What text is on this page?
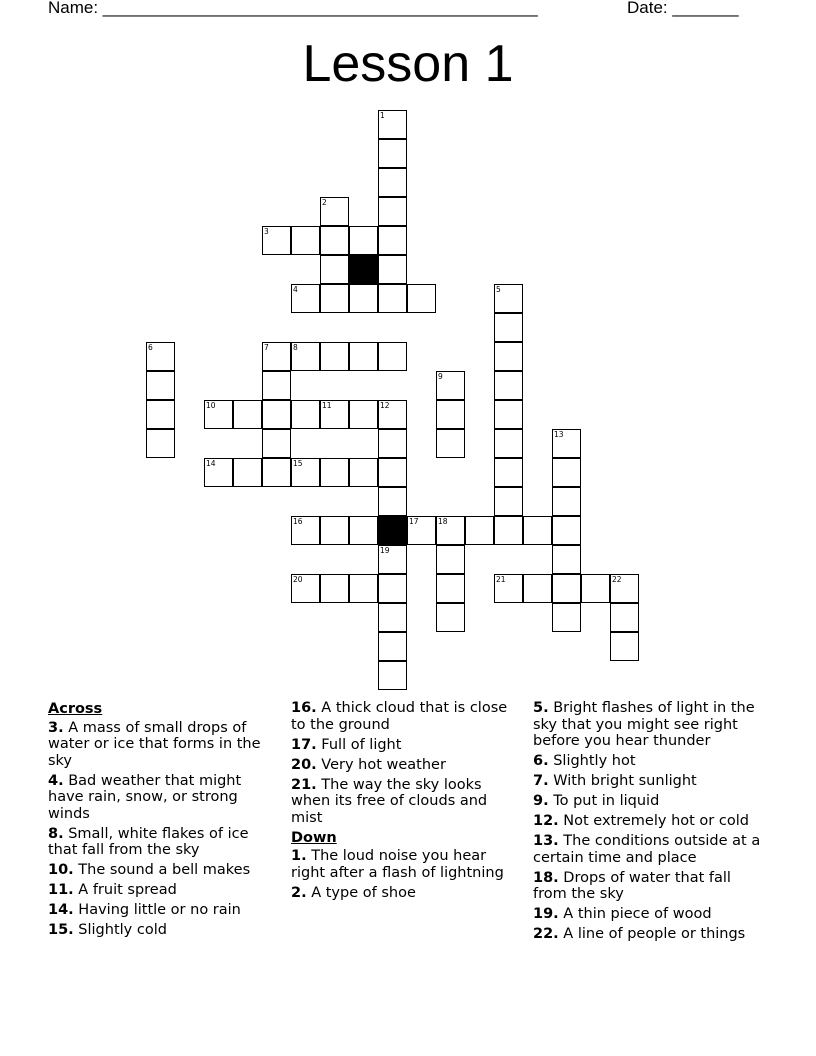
Name: ______________________________________________	Date: _______
Lesson 1
1
2
3
4	5
6	7	8
9
10	11	12
13
14	15
16	17	18
19
20	21	22
Across
3. A mass of small drops of water or ice that forms in the sky
4. Bad weather that might have rain, snow, or strong winds
8. Small, white flakes of ice that fall from the sky
10. The sound a bell makes
11. A fruit spread
14. Having little or no rain
15. Slightly cold
16. A thick cloud that is close to the ground
17. Full of light
20. Very hot weather
21. The way the sky looks when its free of clouds and mist
Down
1. The loud noise you hear right after a flash of lightning
2. A type of shoe
5. Bright flashes of light in the sky that you might see right before you hear thunder
6. Slightly hot
7. With bright sunlight
9. To put in liquid
12. Not extremely hot or cold
13. The conditions outside at a certain time and place
18. Drops of water that fall from the sky
19. A thin piece of wood
22. A line of people or things
